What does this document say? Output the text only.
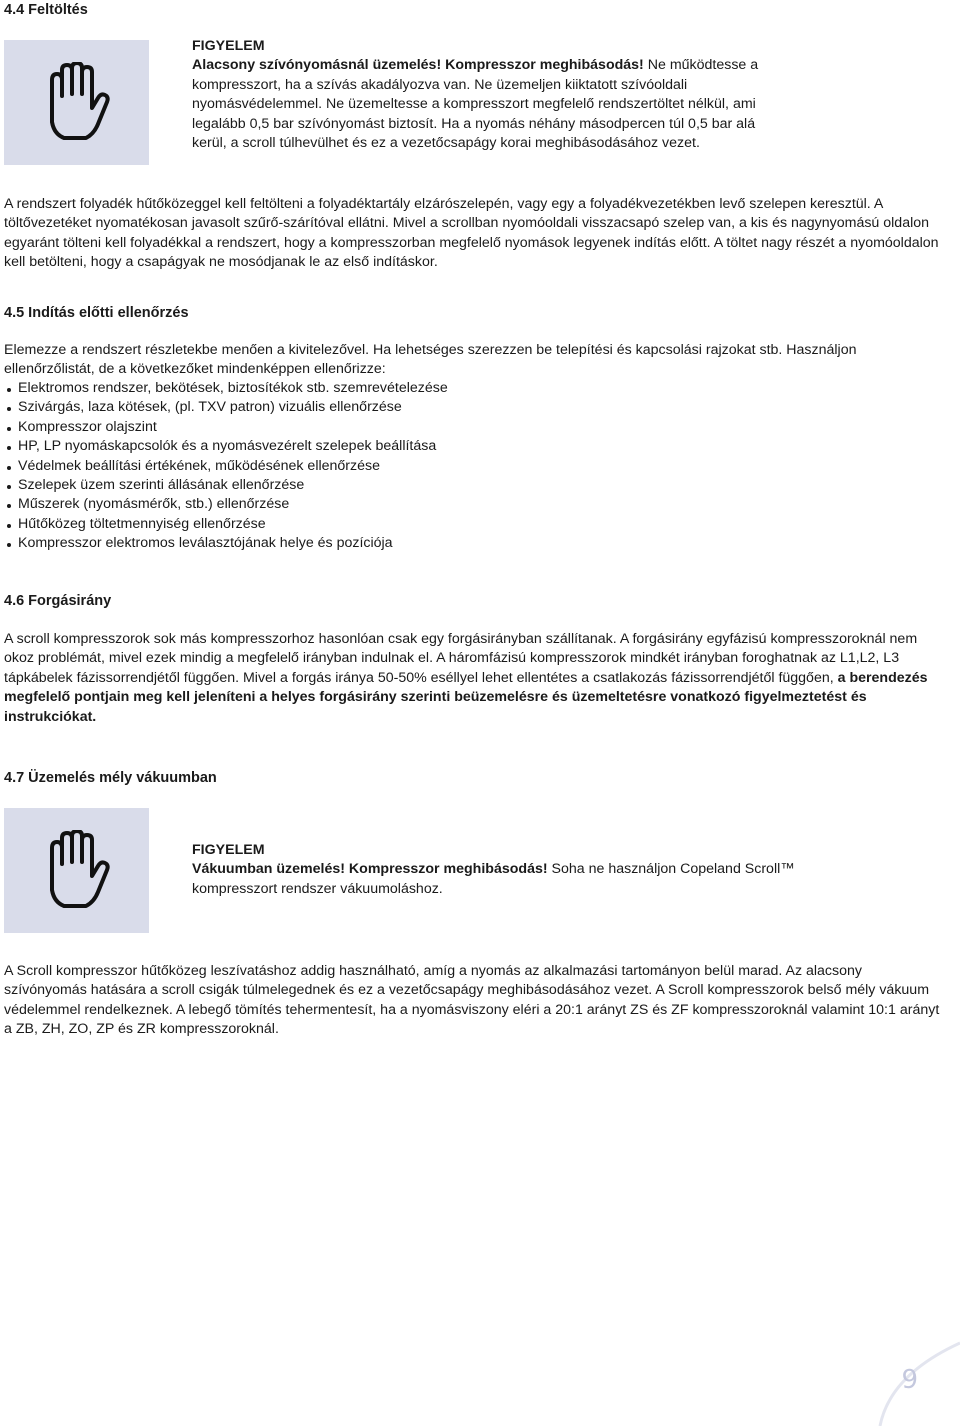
4.4 Feltöltés

FIGYELEM

Alacsony szívónyomásnál üzemelés! Kompresszor meghibásodás! Ne működtesse a kompresszort, ha a szívás akadályozva van. Ne üzemeljen kiiktatott szívóoldali nyomásvédelemmel. Ne üzemeltesse a kompresszort megfelelő rendszertöltet nélkül, ami legalább 0,5 bar szívónyomást biztosít. Ha a nyomás néhány másodpercen túl 0,5 bar alá kerül, a scroll túlhevülhet és ez a vezetőcsapágy korai meghibásodásához vezet.

A rendszert folyadék hűtőközeggel kell feltölteni a folyadéktartály elzárószelepén, vagy egy a folyadékvezetékben levő szelepen keresztül. A töltővezetéket nyomatékosan javasolt szűrő-szárítóval ellátni. Mivel a scrollban nyomóoldali visszacsapó szelep van, a kis és nagynyomású oldalon egyaránt tölteni kell folyadékkal a rendszert, hogy a kompresszorban megfelelő nyomások legyenek indítás előtt. A töltet nagy részét a nyomóoldalon kell betölteni, hogy a csapágyak ne mosódjanak le az első indításkor.

4.5 Indítás előtti ellenőrzés

Elemezze a rendszert részletekbe menően a kivitelezővel. Ha lehetséges szerezzen be telepítési és kapcsolási rajzokat stb. Használjon ellenőrzőlistát, de a következőket mindenképpen ellenőrizze:

Elektromos rendszer, bekötések, biztosítékok stb. szemrevételezése
Szivárgás, laza kötések, (pl. TXV patron) vizuális ellenőrzése
Kompresszor olajszint
HP, LP nyomáskapcsolók és a nyomásvezérelt szelepek beállítása
Védelmek beállítási értékének, működésének ellenőrzése
Szelepek üzem szerinti állásának ellenőrzése
Műszerek (nyomásmérők, stb.) ellenőrzése
Hűtőközeg töltetmennyiség ellenőrzése
Kompresszor elektromos leválasztójának helye és pozíciója
4.6 Forgásirány

A scroll kompresszorok sok más kompresszorhoz hasonlóan csak egy forgásirányban szállítanak. A forgásirány egyfázisú kompresszoroknál nem okoz problémát, mivel ezek mindig a megfelelő irányban indulnak el. A háromfázisú kompresszorok mindkét irányban foroghatnak az L1,L2, L3 tápkábelek fázissorrendjétől függően. Mivel a forgás iránya 50-50% eséllyel lehet ellentétes a csatlakozás fázissorrendjétől függően, a berendezés megfelelő pontjain meg kell jeleníteni a helyes forgásirány szerinti beüzemelésre és üzemeltetésre vonatkozó figyelmeztetést és instrukciókat.

4.7 Üzemelés mély vákuumban

FIGYELEM

Vákuumban üzemelés! Kompresszor meghibásodás! Soha ne használjon Copeland Scroll™ kompresszort rendszer vákuumoláshoz.

A Scroll kompresszor hűtőközeg leszívatáshoz addig használható, amíg a nyomás az alkalmazási tartományon belül marad. Az alacsony szívónyomás hatására a scroll csigák túlmelegednek és ez a vezetőcsapágy meghibásodásához vezet. A Scroll kompresszorok belső mély vákuum védelemmel rendelkeznek. A lebegő tömítés tehermentesít, ha a nyomásviszony eléri a 20:1 arányt ZS és ZF kompresszoroknál valamint 10:1 arányt a ZB, ZH, ZO, ZP és ZR kompresszoroknál.

9
